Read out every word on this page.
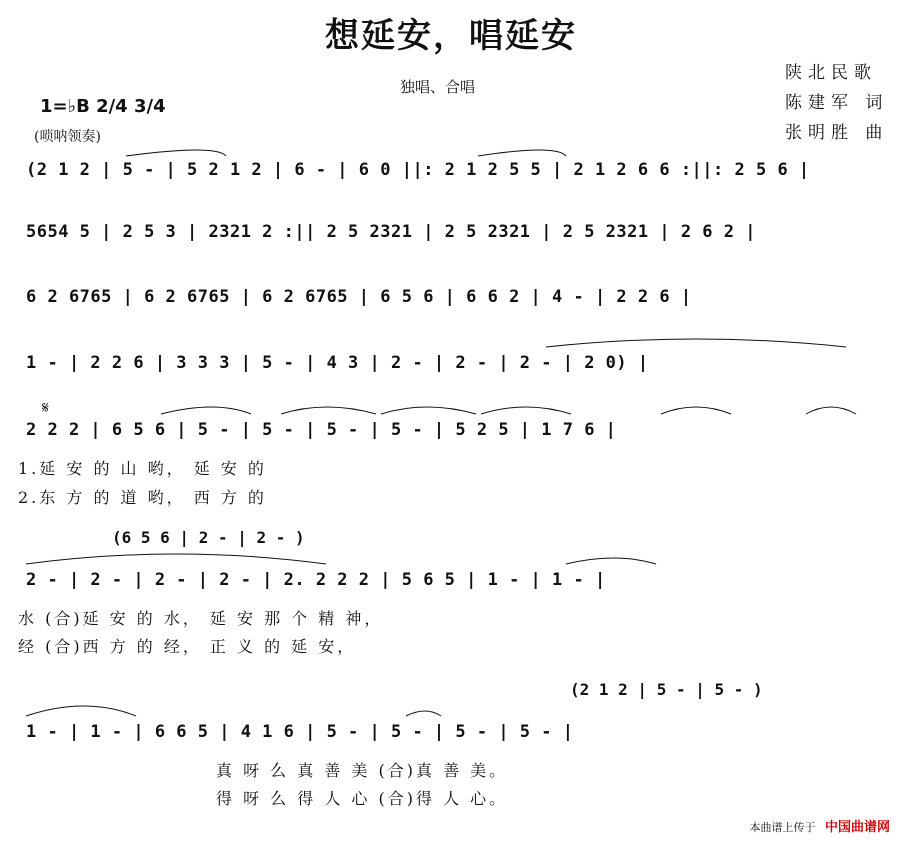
想延安，唱延安
独唱、合唱
陕北民歌
陈建军 词
张明胜 曲
1=♭B 2/4 3/4
(唢呐领奏)
(2 1 2 | 5 - | 5 2 1 2 | 6 - | 6 0 ||: 2 1 2 5 5 | 2 1 2 6 6 :||: 2 5 6 |
5654 5 | 2 5 3 | 2321 2 :|| 2 5 2321 | 2 5 2321 | 2 5 2321 | 2 6 2 |
6 2 6765 | 6 2 6765 | 6 2 6765 | 6 5 6 | 6 6 2 | 4 - | 2 2 6 |
1 - | 2 2 6 | 3 3 3 | 5 - | 4 3 | 2 - | 2 - | 2 - | 2 0) |
𝄋
2 2 2 | 6 5 6 | 5 - | 5 - | 5 - | 5 - | 5 2 5 | 1 7 6 |
1.延 安 的 山 哟， 延 安 的
2.东 方 的 道 哟， 西 方 的
(6 5 6 | 2 - | 2 - )
2 - | 2 - | 2 - | 2 - | 2. 2 2 2 | 5 6 5 | 1 - | 1 - |
水 (合)延 安 的 水， 延 安 那 个 精 神，
经 (合)西 方 的 经， 正 义 的 延 安，
(2 1 2 | 5 - | 5 - )
1 - | 1 - | 6 6 5 | 4 1 6 | 5 - | 5 - | 5 - | 5 - |
真 呀 么 真 善 美 (合)真 善 美。
得 呀 么 得 人 心 (合)得 人 心。
本曲谱上传于 中国曲谱网
